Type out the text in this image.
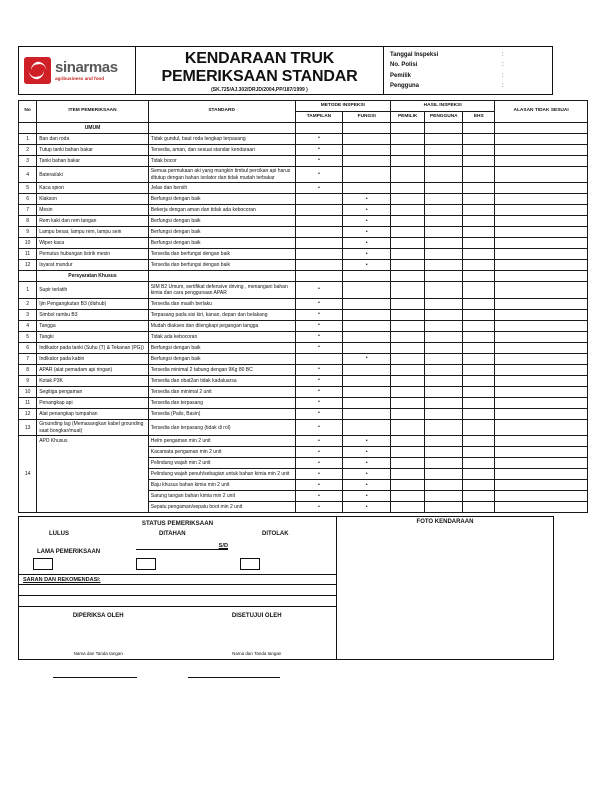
sinarmas
agribusiness and food
KENDARAAN TRUK
PEMERIKSAAN STANDAR
(SK.725/AJ.302/DRJD/2004,PP/187/1999 )
Tanggal Inspeksi	:
No. Polisi	:
Pemilik	:
Pengguna	:
No	ITEM PEMERIKSAAN	STANDARD	METODE INSPEKSI		HASIL INSPEKSI			ALASAN TIDAK SESUAI
			TAMPILAN	FUNGSI	PEMILIK	PENGGUNA	EHS	
	UMUM							
1	Ban dan roda	Tidak gundul, baut roda lengkap terpasang	•					
2	Tutup tanki bahan bakar	Tersedia, aman, dan sesuai standar kendaraan	•					
3	Tanki bahan bakar	Tidak bocor	•					
4	Baterai/aki	Semua permukaan aki yang mungkin timbul percikan api harus ditutup dengan bahan isolator dan tidak mudah terbakar	•					
5	Kaca spion	Jelas dan bersih	•					
6	Klakson	Berfungsi dengan baik		•				
7	Mesin	Bekerja dengan aman dan tidak ada kebocoran		•				
8	Rem kaki dan rem tangan	Berfungsi dengan baik		•				
9	Lampu besar, lampu rem, lampu sein	Berfungsi dengan baik		•				
10	Wiper kaca	Berfungsi dengan baik		•				
11	Pemutus hubungan listrik mesin	Tersedia dan berfungsi dengan baik		•				
12	Isyarat mundur	Tersedia dan berfungsi dengan baik		•				
	Persyaratan Khusus							
1	Supir terlatih	SIM B2 Umum, sertifikat defensive driving , menangani bahan kimia dan cara penggunaan APAR	•					
2	Ijin Pengangkutan B3 (dishub)	Tersedia dan masih berlaku	•					
3	Simbol rambu B3	Terpasang pada sisi kiri, kanan, depan dan belakang	•					
4	Tangga	Mudah diakses dan dilengkapi pegangan tangga	•					
5	Tangki	Tidak ada kebocoran	•					
6	Indikator pada tanki (Suhu (T) & Tekanan (PG))	Berfungsi dengan baik	•					
7	Indikator pada kabin	Berfungsi dengan baik		•				
8	APAR (alat pemadam api ringan)	Tersedia minimal 2 tabung dengan 9Kg 80 BC	•					
9	Kotak P3K	Tersedia dan obat2an tidak kadaluarsa	•					
10	Segitiga pengaman	Tersedia dan minimal 2 unit	•					
11	Penangkap api	Tersedia dan terpasang	•					
12	Alat penangkap tumpahan	Tersedia (Pails, Basin)	•					
13	Grounding lag (Memasangkan kabel grounding saat bongkar/muat)	Tersedia dan terpasang (tidak di rol)	•					
14	APD Khusus	Helm pengaman min 2 unit	•	•				
		Kacamata pengaman min 2 unit	•	•				
		Pelindung wajah min 2 unit	•	•				
		Pelindung wajah penuh/sebagian untuk bahan kimia min 2 unit	•	•				
		Baju khusus bahan kimia min 2 unit	•	•				
		Sarung tangan bahan kimia min 2 unit	•	•				
		Sepatu pengaman/sepatu boot min 2 unit	•	•				
STATUS PEMERIKSAAN
LULUS	DITAHAN	DITOLAK
LAMA PEMERIKSAAN
S/D
SARAN DAN REKOMENDASI:
DIPERIKSA OLEH
Nama dan Tanda tangan
DISETUJUI OLEH
Nama dan Tanda tangan
FOTO KENDARAAN
